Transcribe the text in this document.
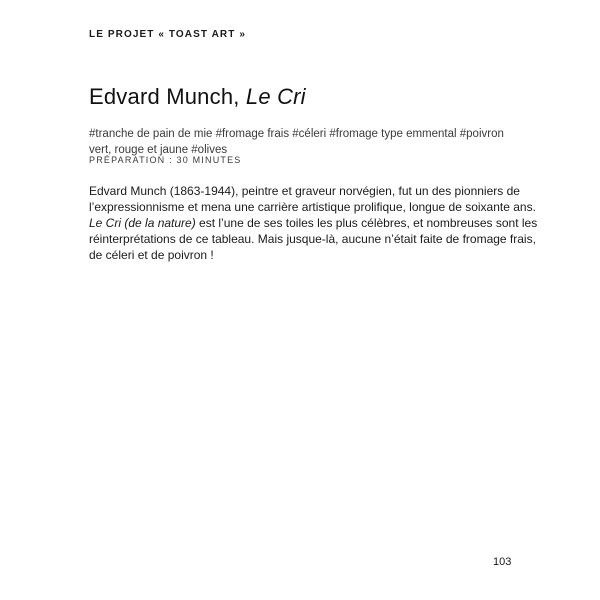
LE PROJET « TOAST ART »
Edvard Munch, Le Cri

#tranche de pain de mie #fromage frais #céleri #fromage type emmental #poivron vert, rouge et jaune #olives

PRÉPARATION : 30 MINUTES

Edvard Munch (1863-1944), peintre et graveur norvégien, fut un des pionniers de l’expressionnisme et mena une carrière artistique prolifique, longue de soixante ans. Le Cri (de la nature) est l’une de ses toiles les plus célèbres, et nombreuses sont les réinterprétations de ce tableau. Mais jusque-là, aucune n’était faite de fromage frais, de céleri et de poivron !

103
